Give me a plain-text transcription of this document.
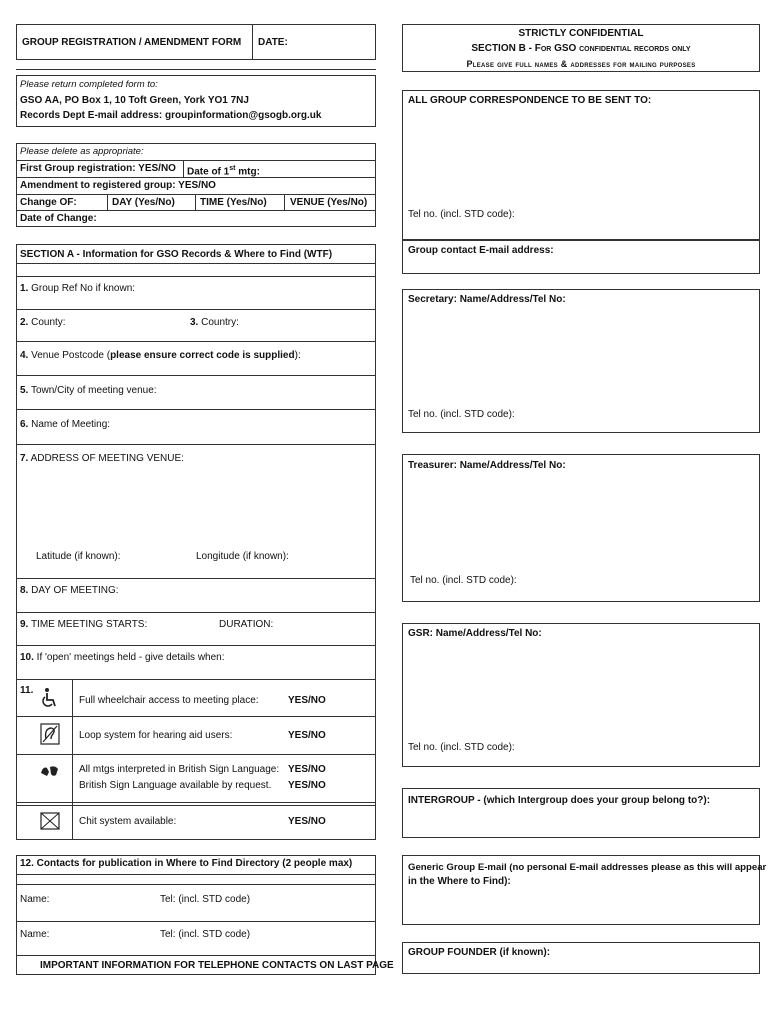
GROUP REGISTRATION / AMENDMENT FORM DATE:
Please return completed form to:
GSO AA, PO Box 1, 10 Toft Green, York YO1 7NJ
Records Dept E-mail address: groupinformation@gsogb.org.uk
Please delete as appropriate:
First Group registration: YES/NO Date of 1st mtg:
Amendment to registered group: YES/NO
Change OF:	DAY (Yes/No)	TIME (Yes/No) VENUE (Yes/No)
Date of Change:
SECTION A - Information for GSO Records & Where to Find (WTF)
1. Group Ref No if known:
2. County:	3. Country:
4. Venue Postcode (please ensure correct code is supplied):
5. Town/City of meeting venue:
6. Name of Meeting:
7. ADDRESS OF MEETING VENUE:
Latitude (if known):	Longitude (if known):
8. DAY OF MEETING:
9. TIME MEETING STARTS:	DURATION:
10. If 'open' meetings held - give details when:
11.
Full wheelchair access to meeting place:	YES/NO
Loop system for hearing aid users:	YES/NO
All mtgs interpreted in British Sign Language: YES/NO
British Sign Language available by request. YES/NO
Chit system available:	YES/NO
12. Contacts for publication in Where to Find Directory (2 people max)
Name:	Tel: (incl. STD code)
Name:	Tel: (incl. STD code)
IMPORTANT INFORMATION FOR TELEPHONE CONTACTS ON LAST PAGE
STRICTLY CONFIDENTIAL
SECTION B - For GSO confidential records only
Please give full names & addresses for mailing purposes
ALL GROUP CORRESPONDENCE TO BE SENT TO:
Tel no. (incl. STD code):
Group contact E-mail address:
Secretary: Name/Address/Tel No:
Tel no. (incl. STD code):
Treasurer: Name/Address/Tel No:
Tel no. (incl. STD code):
GSR: Name/Address/Tel No:
Tel no. (incl. STD code):
INTERGROUP - (which Intergroup does your group belong to?):
Generic Group E-mail (no personal E-mail addresses please as this will appear
in the Where to Find):
GROUP FOUNDER (if known):
